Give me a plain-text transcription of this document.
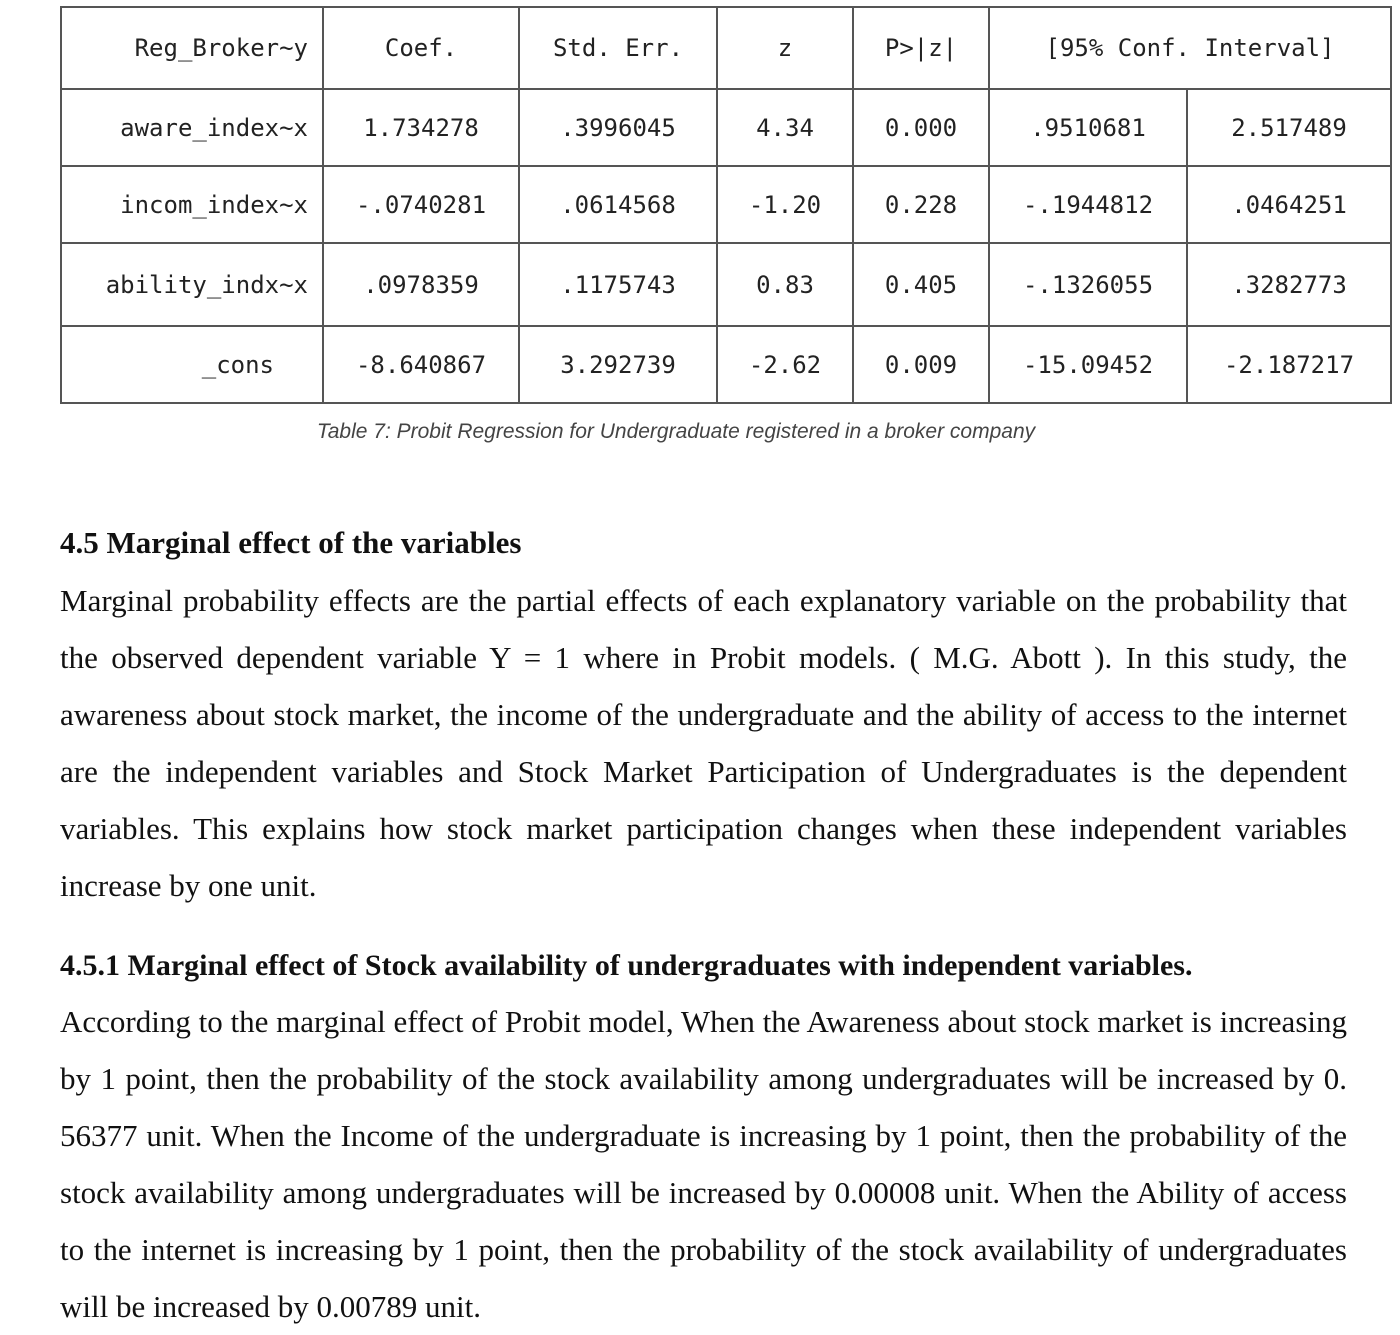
Reg_Broker~y	Coef.	Std. Err.	z	P>|z|	[95% Conf. Interval]	
aware_index~x	1.734278	.3996045	4.34	0.000	.9510681	2.517489
incom_index~x	-.0740281	.0614568	-1.20	0.228	-.1944812	.0464251
ability_indx~x	.0978359	.1175743	0.83	0.405	-.1326055	.3282773
_cons	-8.640867	3.292739	-2.62	0.009	-15.09452	-2.187217
Table 7: Probit Regression for Undergraduate registered in a broker company
4.5 Marginal effect of the variables

Marginal probability effects are the partial effects of each explanatory variable on the probability that the observed dependent variable Y = 1 where in Probit models. ( M.G. Abott ). In this study, the awareness about stock market, the income of the undergraduate and the ability of access to the internet are the independent variables and Stock Market Participation of Undergraduates is the dependent variables. This explains how stock market participation changes when these independent variables increase by one unit.

4.5.1 Marginal effect of Stock availability of undergraduates with independent variables.

According to the marginal effect of Probit model, When the Awareness about stock market is increasing by 1 point, then the probability of the stock availability among undergraduates will be increased by 0. 56377 unit. When the Income of the undergraduate is increasing by 1 point, then the probability of the stock availability among undergraduates will be increased by 0.00008 unit. When the Ability of access to the internet is increasing by 1 point, then the probability of the stock availability of undergraduates will be increased by 0.00789 unit.
